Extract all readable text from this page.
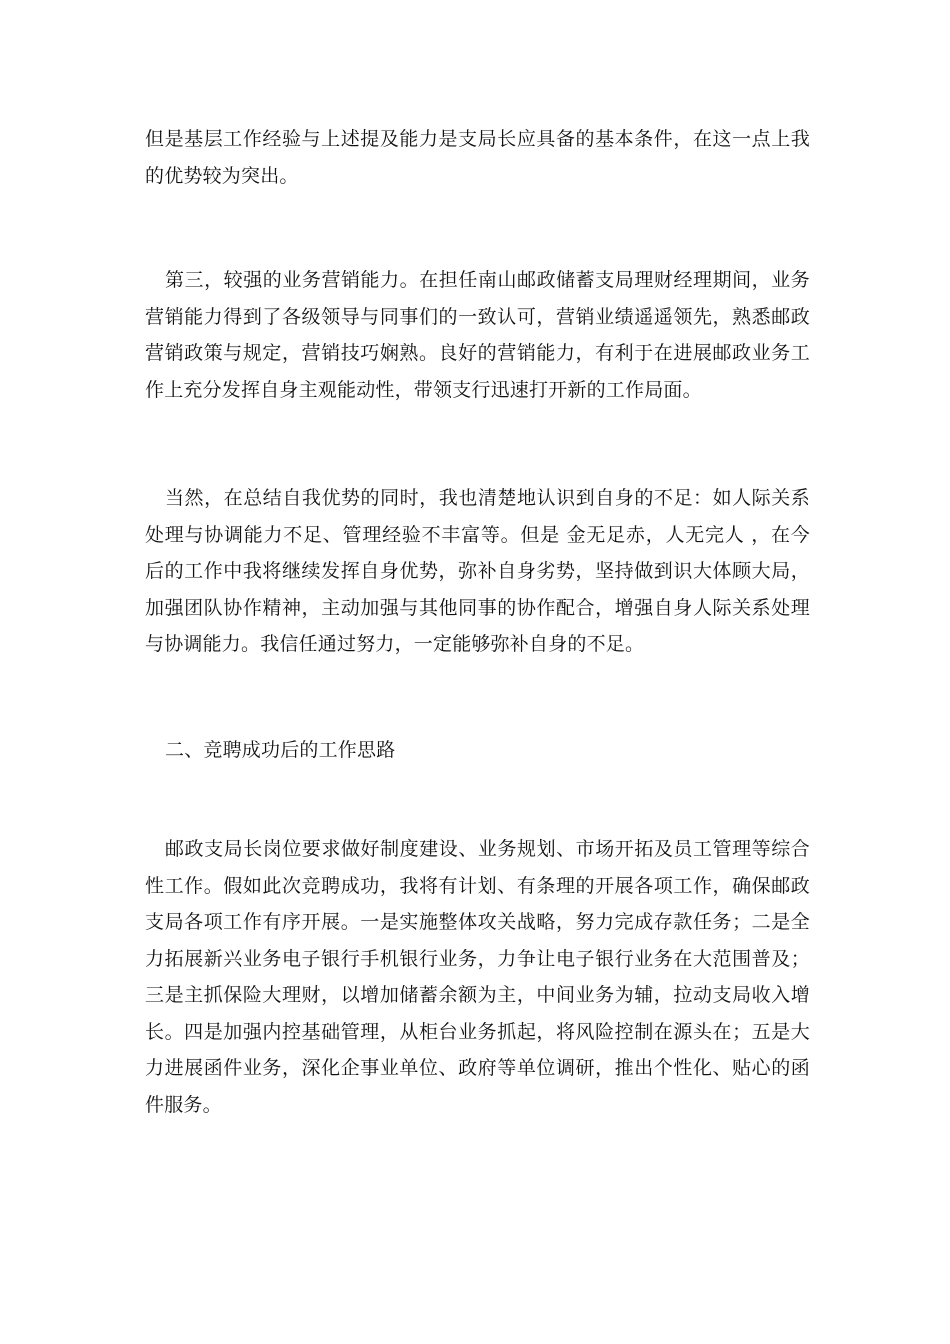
但是基层工作经验与上述提及能力是支局长应具备的基本条件，在这一点上我的优势较为突出。

第三，较强的业务营销能力。在担任南山邮政储蓄支局理财经理期间，业务营销能力得到了各级领导与同事们的一致认可，营销业绩遥遥领先，熟悉邮政营销政策与规定，营销技巧娴熟。良好的营销能力，有利于在进展邮政业务工作上充分发挥自身主观能动性，带领支行迅速打开新的工作局面。

当然，在总结自我优势的同时，我也清楚地认识到自身的不足：如人际关系处理与协调能力不足、管理经验不丰富等。但是 金无足赤，人无完人 ，在今后的工作中我将继续发挥自身优势，弥补自身劣势，坚持做到识大体顾大局，加强团队协作精神，主动加强与其他同事的协作配合，增强自身人际关系处理与协调能力。我信任通过努力，一定能够弥补自身的不足。

二、竞聘成功后的工作思路

邮政支局长岗位要求做好制度建设、业务规划、市场开拓及员工管理等综合性工作。假如此次竞聘成功，我将有计划、有条理的开展各项工作，确保邮政支局各项工作有序开展。一是实施整体攻关战略，努力完成存款任务；二是全力拓展新兴业务电子银行手机银行业务，力争让电子银行业务在大范围普及；三是主抓保险大理财，以增加储蓄余额为主，中间业务为辅，拉动支局收入增长。四是加强内控基础管理，从柜台业务抓起，将风险控制在源头在；五是大力进展函件业务，深化企事业单位、政府等单位调研，推出个性化、贴心的函件服务。
